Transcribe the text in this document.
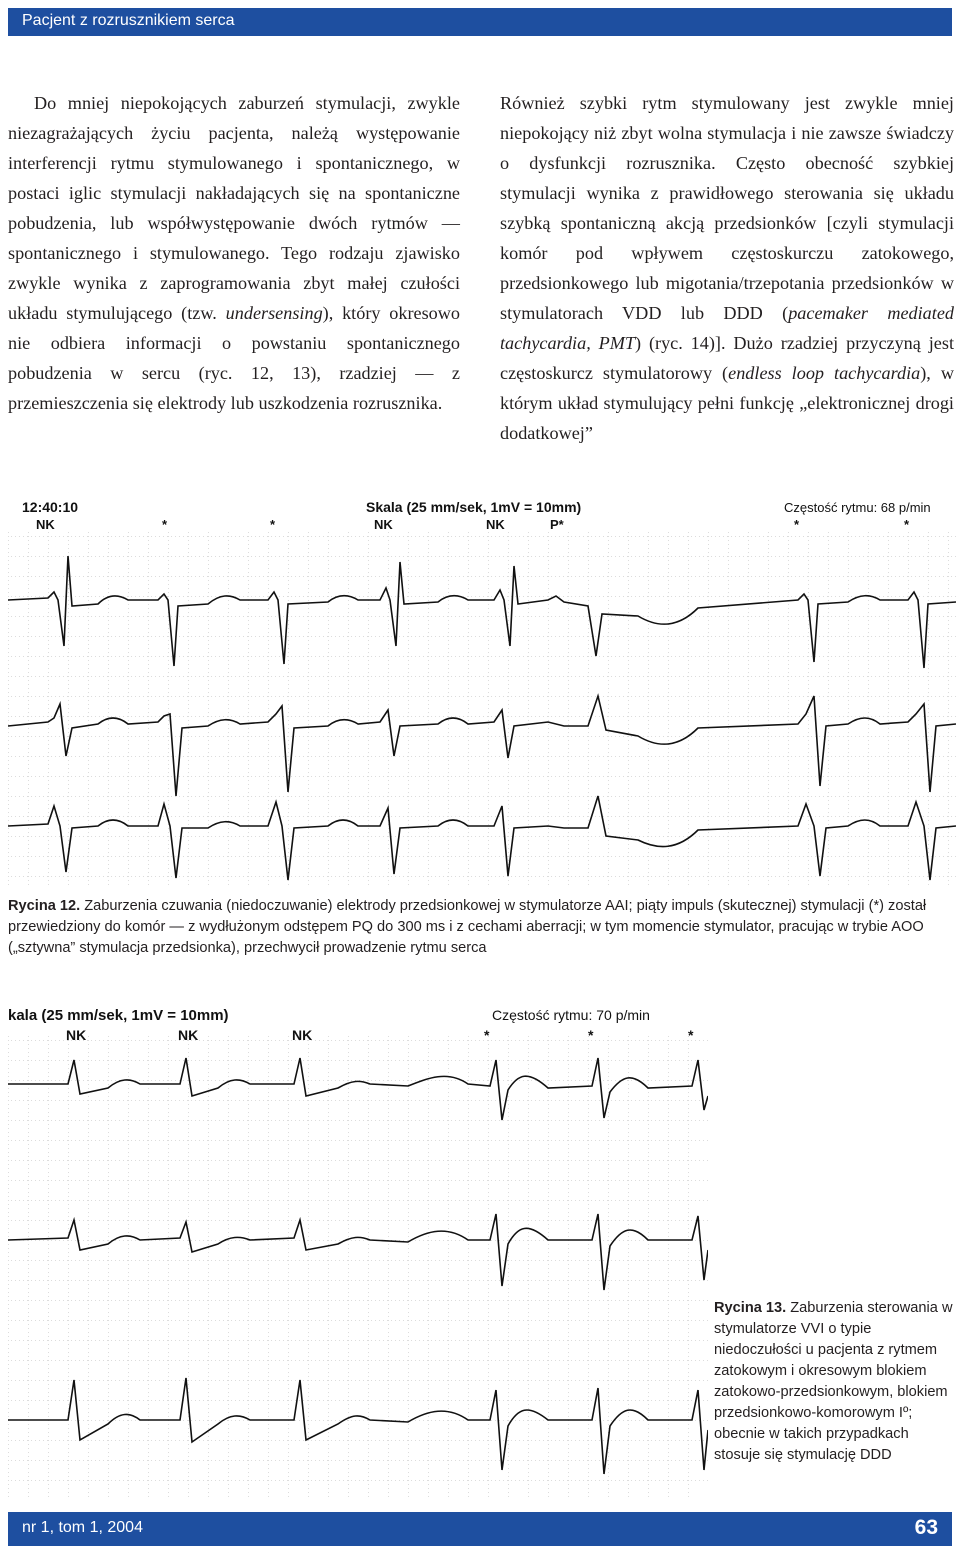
Pacjent z rozrusznikiem serca

Do mniej niepokojących zaburzeń stymulacji, zwykle niezagrażających życiu pacjenta, należą występowanie interferencji rytmu stymulowanego i spontanicznego, w postaci iglic stymulacji nakładających się na spontaniczne pobudzenia, lub współwystępowanie dwóch rytmów — spontanicznego i stymulowanego. Tego rodzaju zjawisko zwykle wynika z zaprogramowania zbyt małej czułości układu stymulującego (tzw. undersensing), który okresowo nie odbiera informacji o powstaniu spontanicznego pobudzenia w sercu (ryc. 12, 13), rzadziej — z przemieszczenia się elektrody lub uszkodzenia rozrusznika.

Również szybki rytm stymulowany jest zwykle mniej niepokojący niż zbyt wolna stymulacja i nie zawsze świadczy o dysfunkcji rozrusznika. Często obecność szybkiej stymulacji wynika z prawidłowego sterowania się układu szybką spontaniczną akcją przedsionków [czyli stymulacji komór pod wpływem częstoskurczu zatokowego, przedsionkowego lub migotania/trzepotania przedsionków w stymulatorach VDD lub DDD (pacemaker mediated tachycardia, PMT) (ryc. 14)]. Dużo rzadziej przyczyną jest częstoskurcz stymulatorowy (endless loop tachycardia), w którym układ stymulujący pełni funkcję „elektronicznej drogi dodatkowej”

12:40:10	Skala (25 mm/sek, 1mV = 10mm)	Częstość rytmu: 68 p/min
NK	*	*	NK	NK	P*	*	*

Rycina 12. Zaburzenia czuwania (niedoczuwanie) elektrody przedsionkowej w stymulatorze AAI; piąty impuls (skutecznej) stymulacji (*) został przewiedziony do komór — z wydłużonym odstępem PQ do 300 ms i z cechami aberracji; w tym momencie stymulator, pracując w trybie AOO („sztywna” stymulacja przedsionka), przechwycił prowadzenie rytmu serca

kala (25 mm/sek, 1mV = 10mm)	Częstość rytmu: 70 p/min
NK	NK	NK	*	*	*

Rycina 13. Zaburzenia sterowania w stymulatorze VVI o typie niedoczułości u pacjenta z rytmem zatokowym i okresowym blokiem zatokowo-przedsionkowym, blokiem przedsionkowo-komorowym Iº; obecnie w takich przypadkach stosuje się stymulację DDD

nr 1, tom 1, 2004	63
